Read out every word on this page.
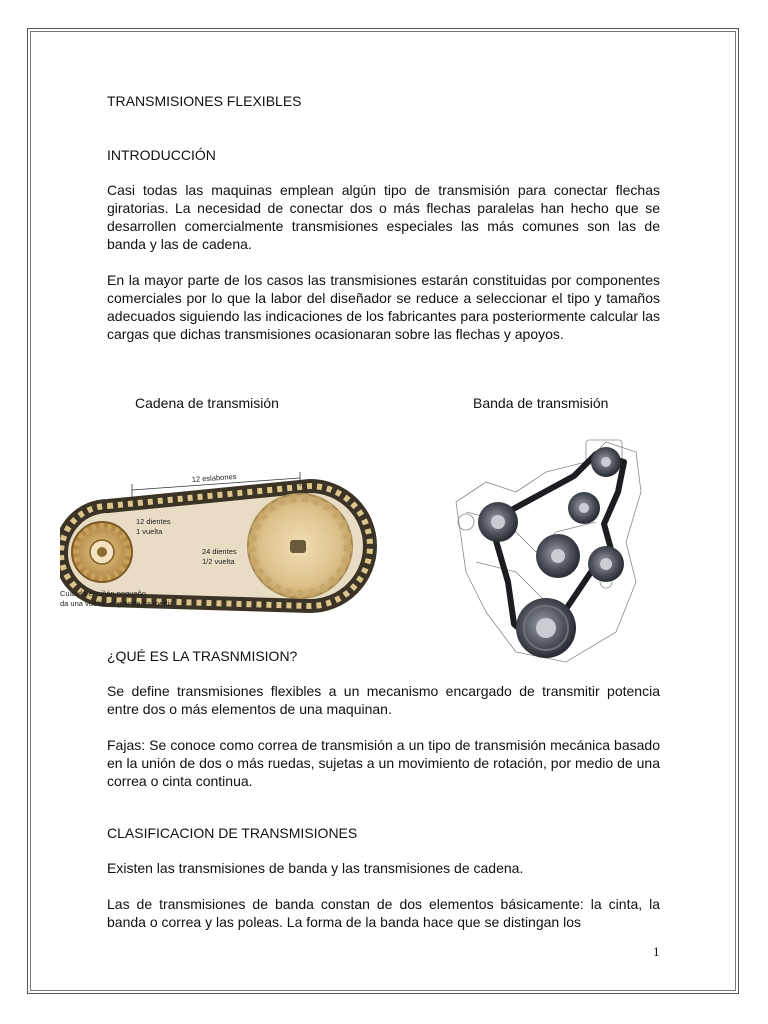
TRANSMISIONES FLEXIBLES
INTRODUCCIÓN
Casi todas las maquinas emplean algún tipo de transmisión para conectar flechas giratorias. La necesidad de conectar dos o más flechas paralelas han hecho que se desarrollen comercialmente transmisiones especiales las más comunes son las de banda y las de cadena.
En la mayor parte de los casos las transmisiones estarán constituidas por componentes comerciales por lo que la labor del diseñador se reduce a seleccionar el tipo y tamaños adecuados siguiendo las indicaciones de los fabricantes para posteriormente calcular las cargas que dichas transmisiones ocasionaran sobre las flechas y apoyos.
Cadena de transmisión	Banda de transmisión
12 eslabones
12 dientes
1 vuelta
24 dientes
1/2 vuelta
Cuando el piñón pequeño
da una vuelta, el grande da media.
¿QUÉ ES LA TRASNMISION?
Se define transmisiones flexibles a un mecanismo encargado de transmitir potencia entre dos o más elementos de una maquinan.
Fajas: Se conoce como correa de transmisión a un tipo de transmisión mecánica basado en la unión de dos o más ruedas, sujetas a un movimiento de rotación, por medio de una correa o cinta continua.
CLASIFICACION DE TRANSMISIONES
Existen las transmisiones de banda y las transmisiones de cadena.
Las de transmisiones de banda constan de dos elementos básicamente: la cinta, la banda o correa y las poleas. La forma de la banda hace que se distingan los
1
